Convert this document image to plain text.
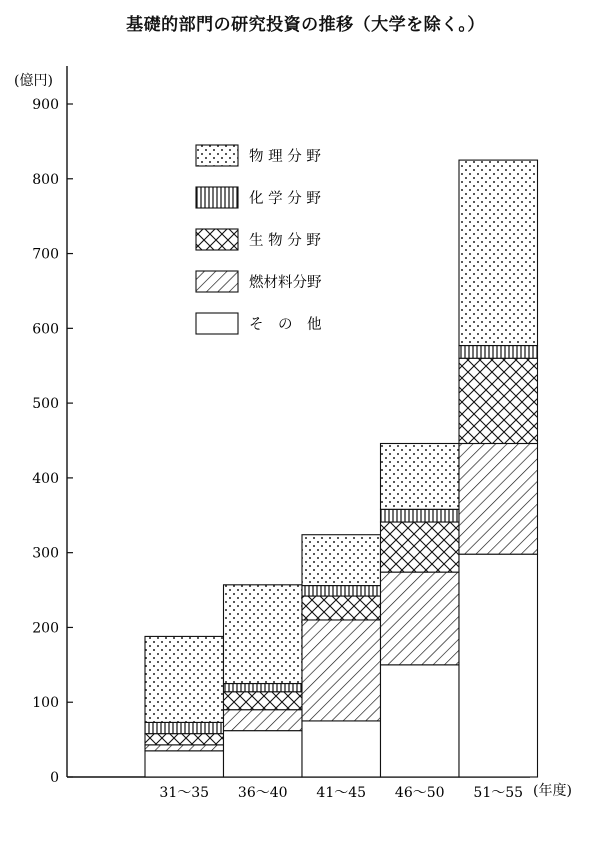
基礎的部門の研究投資の推移（大学を除く。）
(億円)
(年度)
0
100
200
300
400
500
600
700
800
900
31～35 36～40 41～45 46～50 51～55
物 理 分 野
化 学 分 野
生 物 分 野
燃材料分野
そ　の　他
